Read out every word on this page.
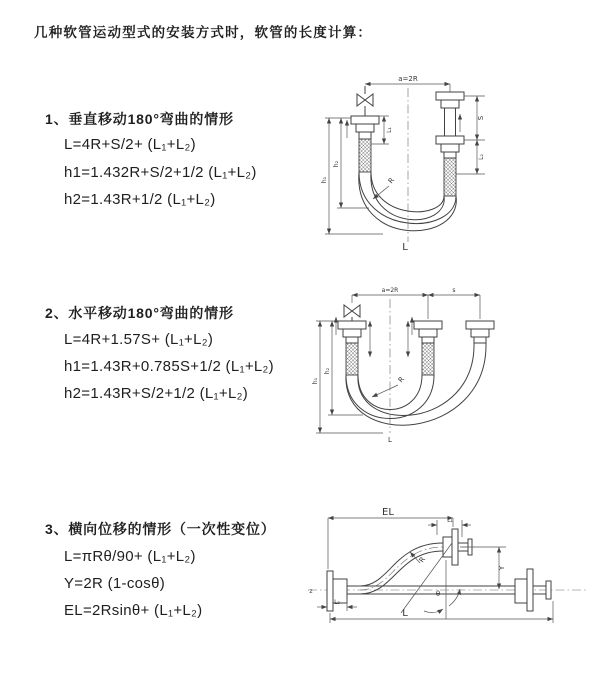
几种软管运动型式的安装方式时，软管的长度计算：
1、垂直移动180°弯曲的情形
L=4R+S/2+ (L₁+L₂)
h1=1.432R+S/2+1/2 (L₁+L₂)
h2=1.43R+1/2 (L₁+L₂)
a=2R
h₁
h₂
L₁
S
L₂
R
L
2、水平移动180°弯曲的情形
L=4R+1.57S+ (L₁+L₂)
h1=1.43R+0.785S+1/2 (L₁+L₂)
h2=1.43R+S/2+1/2 (L₁+L₂)
a=2R	s
h₁
h₂
R
L
3、横向位移的情形（一次性变位）
L=πRθ/90+ (L₁+L₂)
Y=2R (1-cosθ)
EL=2Rsinθ+ (L₁+L₂)
z
EL
L₁
Y
R
θ
L
L₂
